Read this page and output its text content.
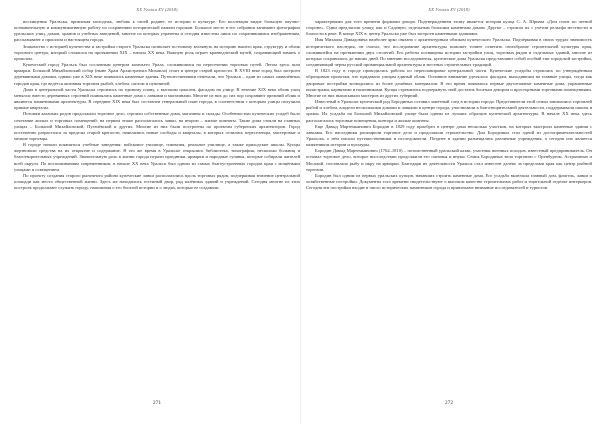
ХХ Уголки XV (2018)

восхищения Уральска, привлекая молодежь, любовь к своей родине, ее истории и культуре. Его коллекция видит большую научно-познавательную и коммуникативную работу по сохранению исторической памяти горожан. Большое место в его собрании занимают фотографии уральских улиц, домов, храмов и учебных заведений, многие из которых утрачены и сегодня известны лишь по сохранившимся изображениям, рассказывают о прошлом и настоящем города.

Знакомство с историей купечества и застройки старого Уральска позволяет по-новому взглянуть на историю нашего края, структуру и облик торгового центра, который сложился на протяжении XIX – начала XX века. Важную роль играет краеведческий музей, сохраняющий память о прошлом.

Купеческий город Уральск был сословным центром казачьего Урала, сложившимся на пересечении торговых путей. Летом здесь шли ярмарки. Большой Михайловский собор (ныне Храм Архистратига Михаила) стоит в центре старой крепости. В XVIII веке город был застроен деревянными домами, однако уже в XIX веке появились каменные здания. Путешественники отмечали, что Уральск – один из самых оживлённых городов края, где ведётся активная торговля рыбой, хлебом, скотом и пушниной.

Дома в центральной части Уральска строились по единому плану, с высоким цоколем, фасадом на улицу. В течение XIX века облик улиц менялся: вместо деревянных строений появлялись каменные дома с лавками и магазинами. Многие из них до сих пор сохраняют прежний облик и являются памятниками архитектуры. В середине XIX века был составлен генеральный план города, в соответствии с которым улицы получили прямые кварталы.

Потомки казачьих родов продолжали торговое дело, строили собственные дома, магазины и склады. Особенностью купеческих усадеб было сочетание жилых и торговых помещений: на первом этаже располагались лавки, на втором – жилые комнаты. Такие дома стояли на главных улицах – Большой Михайловской, Пугачёвской и других. Многие из них были построены по проектам губернских архитекторов. Город постепенно разрастался за пределы старой крепости, появлялись новые слободы и кварталы, в которых селились переселенцы, мастеровые и мелкие торговцы.

В городе начали появляться учебные заведения: войсковое училище, гимназия, реальное училище, а также приходские школы. Купцы жертвовали средства на их открытие и содержание. В это же время в Уральске открылись библиотека, типография, несколько больниц и благотворительных учреждений. Значительную роль в жизни города играли праздники, ярмарки и народные гулянья, которые собирали жителей всей округи. По воспоминаниям современников, в начале ХХ века Уральск был одним из самых благоустроенных городов края с мощёными улицами и освещением.

По проекту создания старого рыночного района купеческие лавки располагались вдоль торговых рядов, подчеркивая значение центральной площади как места общественной жизни. Здесь же находились гостиный двор, ряд казённых зданий и учреждений. Сегодня многие из этих построек продолжают служить городу, напоминая о его богатой истории и о людях, которые ее создавали.

271
ХХ Уголки XV (2018)

характерными для того времени формами декора. Подтверждением этому является история купца С. А. Юрьева «Дом стоит по четной стороне». Одни предлагали улицу, как и Садовую, отдельным большим каменным домам. Другие – строили их с учётом рельефа местности и близости к реке. В конце XIX в. центр Уральска уже был застроен каменными зданиями.

Имя Михаила Давыдовича наиболее ярко связано с архитектурным обликом купеческого Уральска. Подчёркивая в своих трудах значимость исторического наследия, он считал, что исследование архитектуры поможет точнее осветить своеобразие строительной культуры края, сложившейся на протяжении двух столетий. Его работы посвящены истории застройки улиц, торговых рядов и отдельных зданий, многие из которых сохранились до наших дней. По мнению исследователя, купеческие дома Уральска представляют собой особый тип городской застройки, соединяющий черты русской провинциальной архитектуры и местных строительных традиций.

В 1823 году в городе проводились работы по перепланировке центральной части. Купеческие усадьбы строились по утверждённым образцовым проектам, что придавало улицам единый облик. Основное внимание уделялось фасадам, выходившим на главные улицы, тогда как дворовые постройки возводились из более дешёвых материалов. В это время появились первые двухэтажные каменные дома, украшенные пилястрами, карнизами и наличниками. Купцы стремились подчеркнуть свой достаток богатым декором и просторными торговыми помещениями. Многие из них выписывали мастеров из других губерний.

Известный в Уральске купеческий род Бородиных оставил заметный след в истории города. Представители этой семьи занимались торговлей рыбой и хлебом, владели несколькими домами и лавками в центре города, участвовали в благотворительной деятельности, поддерживали школы и храмы. Их усадьба на Большой Михайловской улице была одним из лучших образцов купеческой архитектуры. В начале XX века здесь располагались торговые помещения, контора и жилые комнаты.

Еще Давыд Мартемьянович Бородин в 1829 году приобрел в центре дома несколько участков, на которых выстроил каменные здания с лавками. Его наследники расширили торговое дело и продолжили строительство. Дом Бородиных стал одной из достопримечательностей Уральска, о нём писали путешественники и исследователи. Позднее в здании размещались различные учреждения, а сегодня оно является памятником истории и культуры.

Бородин Давыд Мартемьянович (1762–1810) – потомственный уральский казак, участник военных походов, известный предприниматель. Он основал торговое дело, которое впоследствии продолжили его сыновья и внуки. Семья Бородиных вела торговлю с Оренбургом, Астраханью и Москвой, поставляла рыбу и икру на ярмарки. Благодаря их деятельности Уральск стал известен далеко за пределами края как центр рыбной торговли.

Бородин был одним из первых уральских купцов, начавших строить каменные дома. Его усадьба включала главный дом, флигель, лавки и хозяйственные постройки. Документы того времени свидетельствуют о высоком качестве строительных работ и тщательной отделке интерьеров. Сегодня эти постройки входят в число исторических памятников города и привлекают внимание исследователей и туристов.

272
